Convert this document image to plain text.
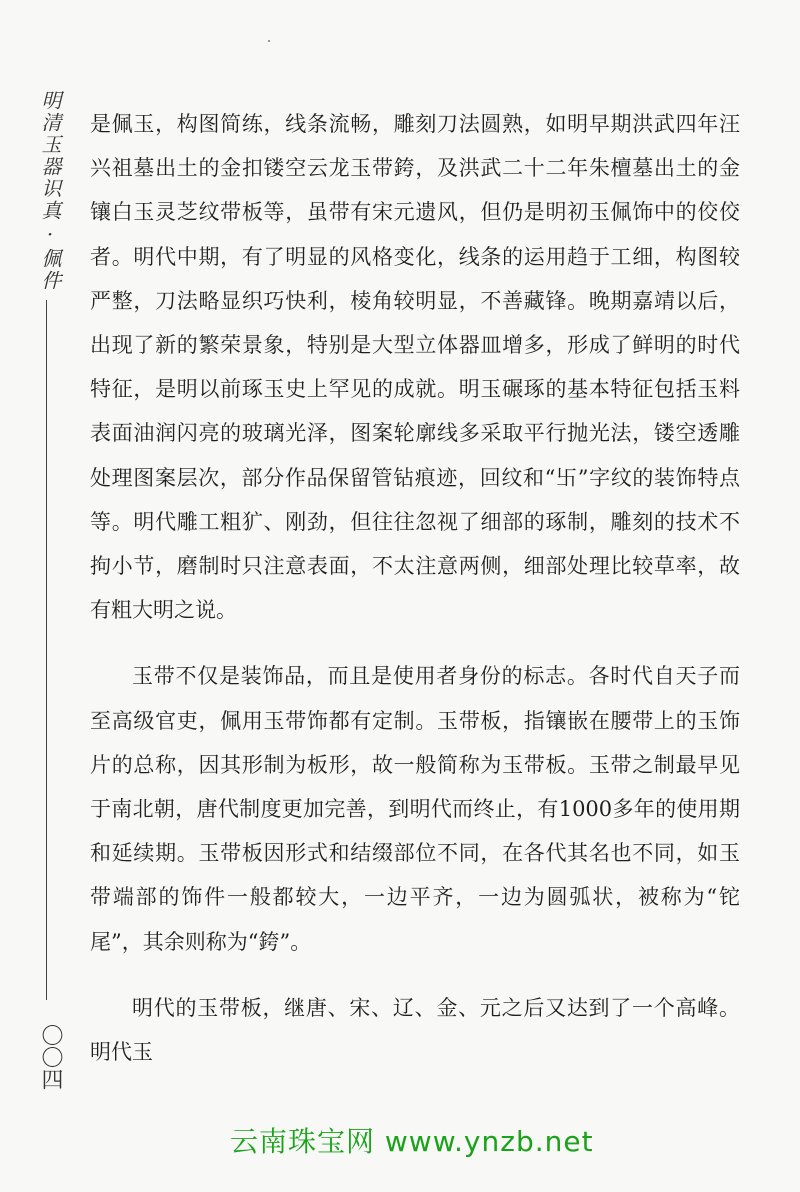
明清玉器识真·佩件
〇〇四

是佩玉，构图简练，线条流畅，雕刻刀法圆熟，如明早期洪武四年汪兴祖墓出土的金扣镂空云龙玉带銙，及洪武二十二年朱檀墓出土的金镶白玉灵芝纹带板等，虽带有宋元遗风，但仍是明初玉佩饰中的佼佼者。明代中期，有了明显的风格变化，线条的运用趋于工细，构图较严整，刀法略显织巧快利，棱角较明显，不善藏锋。晚期嘉靖以后，出现了新的繁荣景象，特别是大型立体器皿增多，形成了鲜明的时代特征，是明以前琢玉史上罕见的成就。明玉碾琢的基本特征包括玉料表面油润闪亮的玻璃光泽，图案轮廓线多采取平行抛光法，镂空透雕处理图案层次，部分作品保留管钻痕迹，回纹和“卐”字纹的装饰特点等。明代雕工粗犷、刚劲，但往往忽视了细部的琢制，雕刻的技术不拘小节，磨制时只注意表面，不太注意两侧，细部处理比较草率，故有粗大明之说。

玉带不仅是装饰品，而且是使用者身份的标志。各时代自天子而至高级官吏，佩用玉带饰都有定制。玉带板，指镶嵌在腰带上的玉饰片的总称，因其形制为板形，故一般简称为玉带板。玉带之制最早见于南北朝，唐代制度更加完善，到明代而终止，有1000多年的使用期和延续期。玉带板因形式和结缀部位不同，在各代其名也不同，如玉带端部的饰件一般都较大，一边平齐，一边为圆弧状，被称为“铊尾”，其余则称为“銙”。

明代的玉带板，继唐、宋、辽、金、元之后又达到了一个高峰。明代玉

云南珠宝网 www.ynzb.net
